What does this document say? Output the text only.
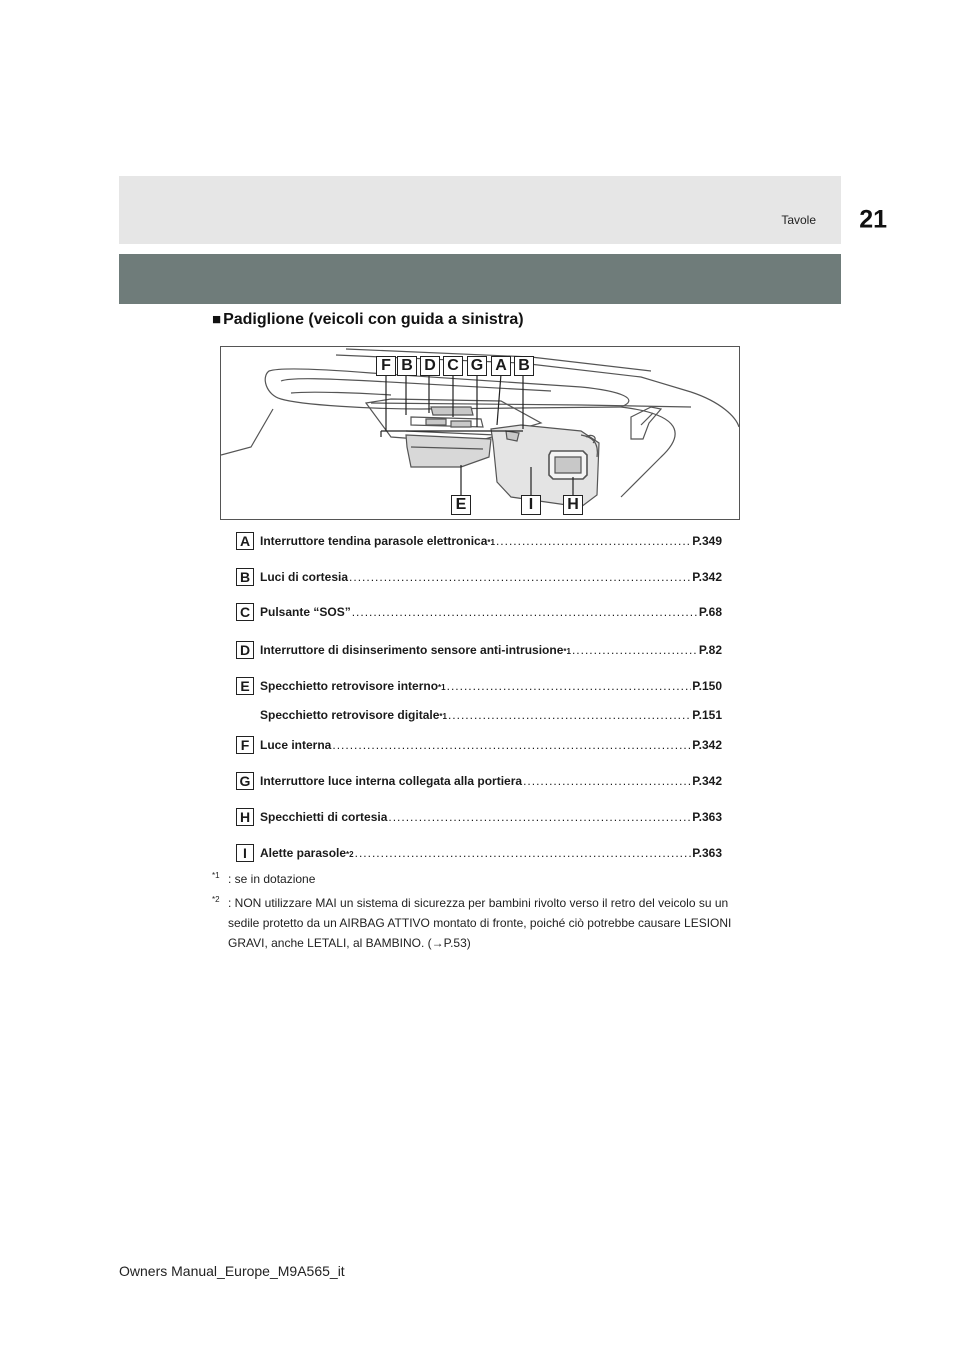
Tavole 21
■ Padiglione (veicoli con guida a sinistra)
F B D C G A B
E	I	H
A Interruttore tendina parasole elettronica *1 .....	P.349
B Luci di cortesia .....	P.342
C Pulsante “SOS” .....	P.68
D Interruttore di disinserimento sensore anti-intrusione *1 .....	P.82
E Specchietto retrovisore interno *1 .....	P.150
Specchietto retrovisore digitale *1 .....	P.151
F Luce interna .....	P.342
G Interruttore luce interna collegata alla portiera .....	P.342
H Specchietti di cortesia .....	P.363
I	Alette parasole *2 .....	P.363
$^{*1}$ : se in dotazione
$^{*2}$ : NON utilizzare MAI un sistema di sicurezza per bambini rivolto verso il retro del veicolo su un sedile protetto da un AIRBAG ATTIVO montato di fronte, poiché ciò potrebbe causare LESIONI GRAVI, anche LETALI, al BAMBINO. (→P.53)
Owners Manual_Europe_M9A565_it
